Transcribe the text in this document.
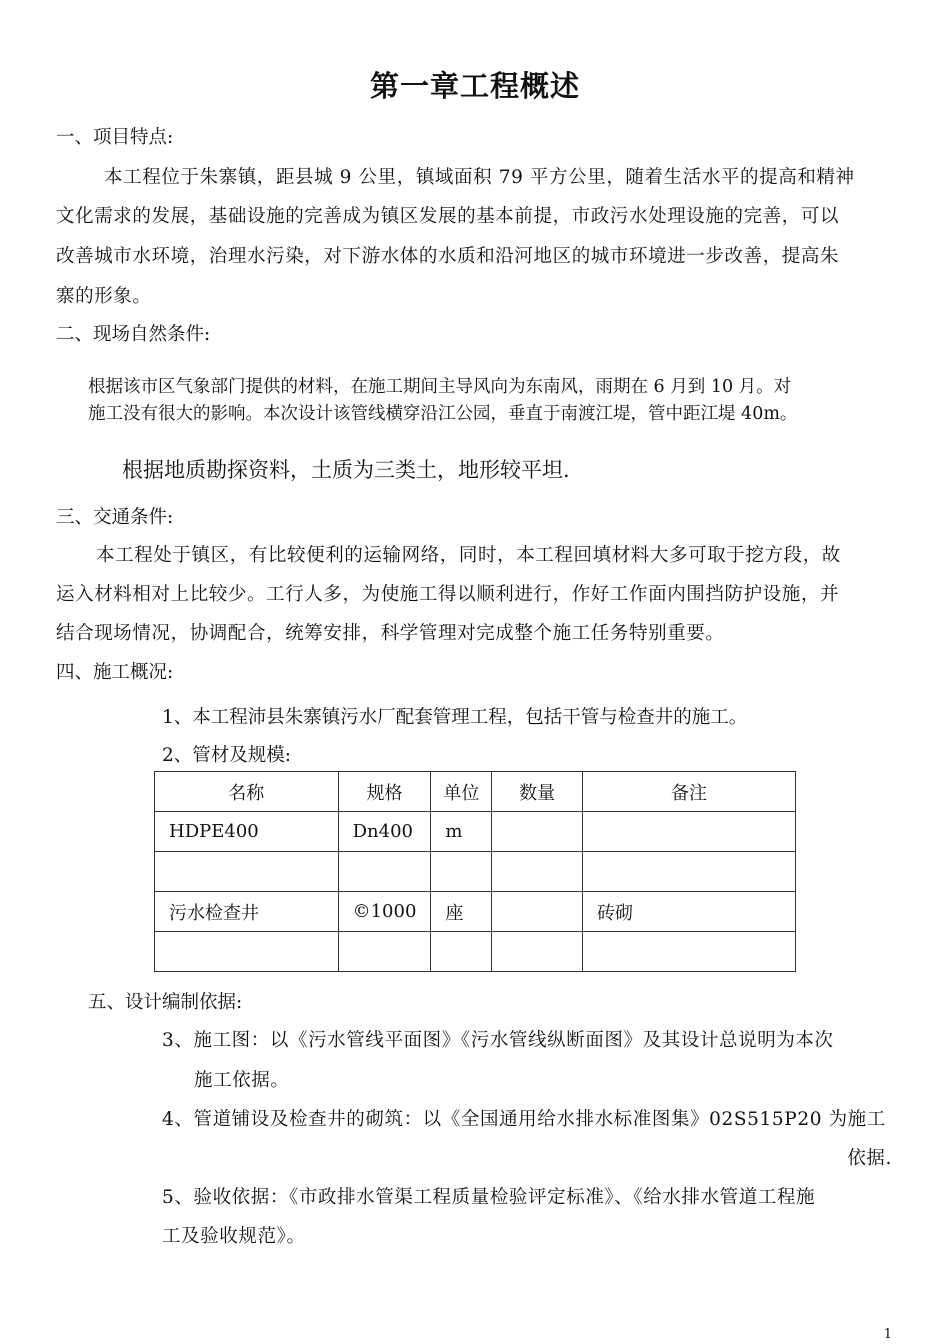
第一章工程概述

一、项目特点:

本工程位于朱寨镇，距县城 9 公里，镇域面积 79 平方公里，随着生活水平的提高和精神

文化需求的发展，基础设施的完善成为镇区发展的基本前提，市政污水处理设施的完善，可以

改善城市水环境，治理水污染，对下游水体的水质和沿河地区的城市环境进一步改善，提高朱

寨的形象。

二、现场自然条件:

根据该市区气象部门提供的材料，在施工期间主导风向为东南风，雨期在 6 月到 10 月。对

施工没有很大的影响。本次设计该管线横穿沿江公园，垂直于南渡江堤，管中距江堤 40m。

根据地质勘探资料，土质为三类土，地形较平坦.

三、交通条件:

本工程处于镇区，有比较便利的运输网络，同时，本工程回填材料大多可取于挖方段，故

运入材料相对上比较少。工行人多，为使施工得以顺利进行，作好工作面内围挡防护设施，并

结合现场情况，协调配合，统筹安排，科学管理对完成整个施工任务特别重要。

四、施工概况:

1、本工程沛县朱寨镇污水厂配套管理工程，包括干管与检查井的施工。

2、管材及规模:

名称	规格	单位	数量	备注
HDPE400	Dn400	m		

污水检查井	©1000	座		砖砌

五、设计编制依据:

3、施工图：以《污水管线平面图》《污水管线纵断面图》及其设计总说明为本次

施工依据。

4、管道铺设及检查井的砌筑：以《全国通用给水排水标准图集》02S515P20 为施工

依据.

5、验收依据：《市政排水管渠工程质量检验评定标准》、《给水排水管道工程施

工及验收规范》。

1
